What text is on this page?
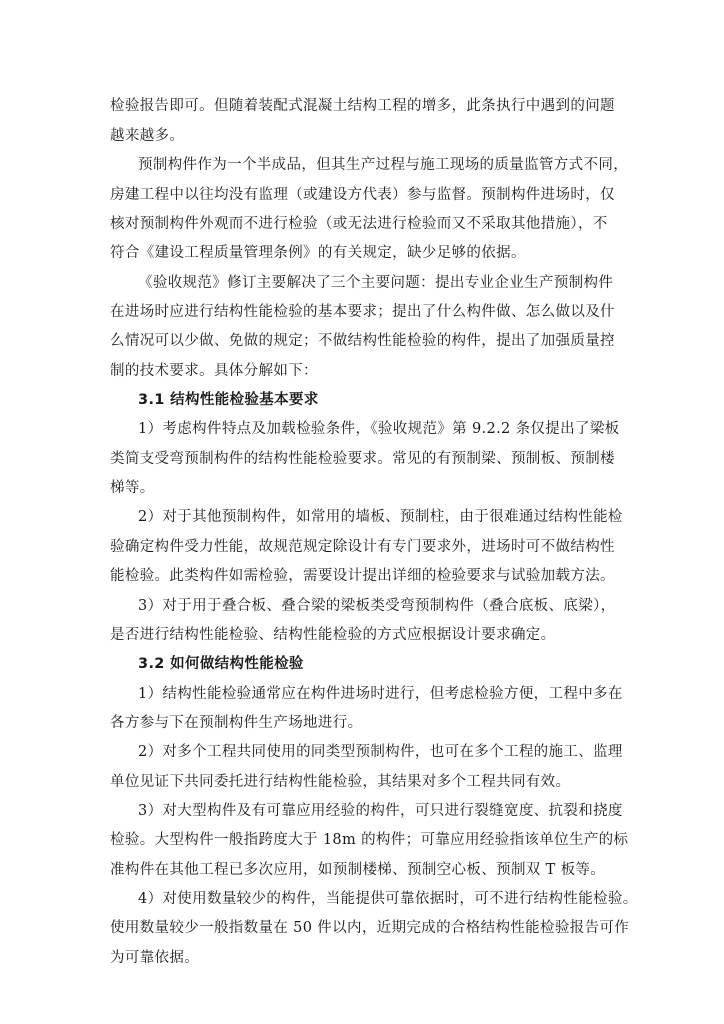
检验报告即可。但随着装配式混凝土结构工程的增多，此条执行中遇到的问题
越来越多。
预制构件作为一个半成品，但其生产过程与施工现场的质量监管方式不同，
房建工程中以往均没有监理（或建设方代表）参与监督。预制构件进场时，仅
核对预制构件外观而不进行检验（或无法进行检验而又不采取其他措施），不
符合《建设工程质量管理条例》的有关规定，缺少足够的依据。
《验收规范》修订主要解决了三个主要问题：提出专业企业生产预制构件
在进场时应进行结构性能检验的基本要求；提出了什么构件做、怎么做以及什
么情况可以少做、免做的规定；不做结构性能检验的构件，提出了加强质量控
制的技术要求。具体分解如下：
3.1 结构性能检验基本要求
1）考虑构件特点及加载检验条件，《验收规范》第 9.2.2 条仅提出了梁板
类简支受弯预制构件的结构性能检验要求。常见的有预制梁、预制板、预制楼
梯等。
2）对于其他预制构件，如常用的墙板、预制柱，由于很难通过结构性能检
验确定构件受力性能，故规范规定除设计有专门要求外，进场时可不做结构性
能检验。此类构件如需检验，需要设计提出详细的检验要求与试验加载方法。
3）对于用于叠合板、叠合梁的梁板类受弯预制构件（叠合底板、底梁），
是否进行结构性能检验、结构性能检验的方式应根据设计要求确定。
3.2 如何做结构性能检验
1）结构性能检验通常应在构件进场时进行，但考虑检验方便，工程中多在
各方参与下在预制构件生产场地进行。
2）对多个工程共同使用的同类型预制构件，也可在多个工程的施工、监理
单位见证下共同委托进行结构性能检验，其结果对多个工程共同有效。
3）对大型构件及有可靠应用经验的构件，可只进行裂缝宽度、抗裂和挠度
检验。大型构件一般指跨度大于 18m 的构件；可靠应用经验指该单位生产的标
准构件在其他工程已多次应用，如预制楼梯、预制空心板、预制双 T 板等。
4）对使用数量较少的构件，当能提供可靠依据时，可不进行结构性能检验。
使用数量较少一般指数量在 50 件以内，近期完成的合格结构性能检验报告可作
为可靠依据。
